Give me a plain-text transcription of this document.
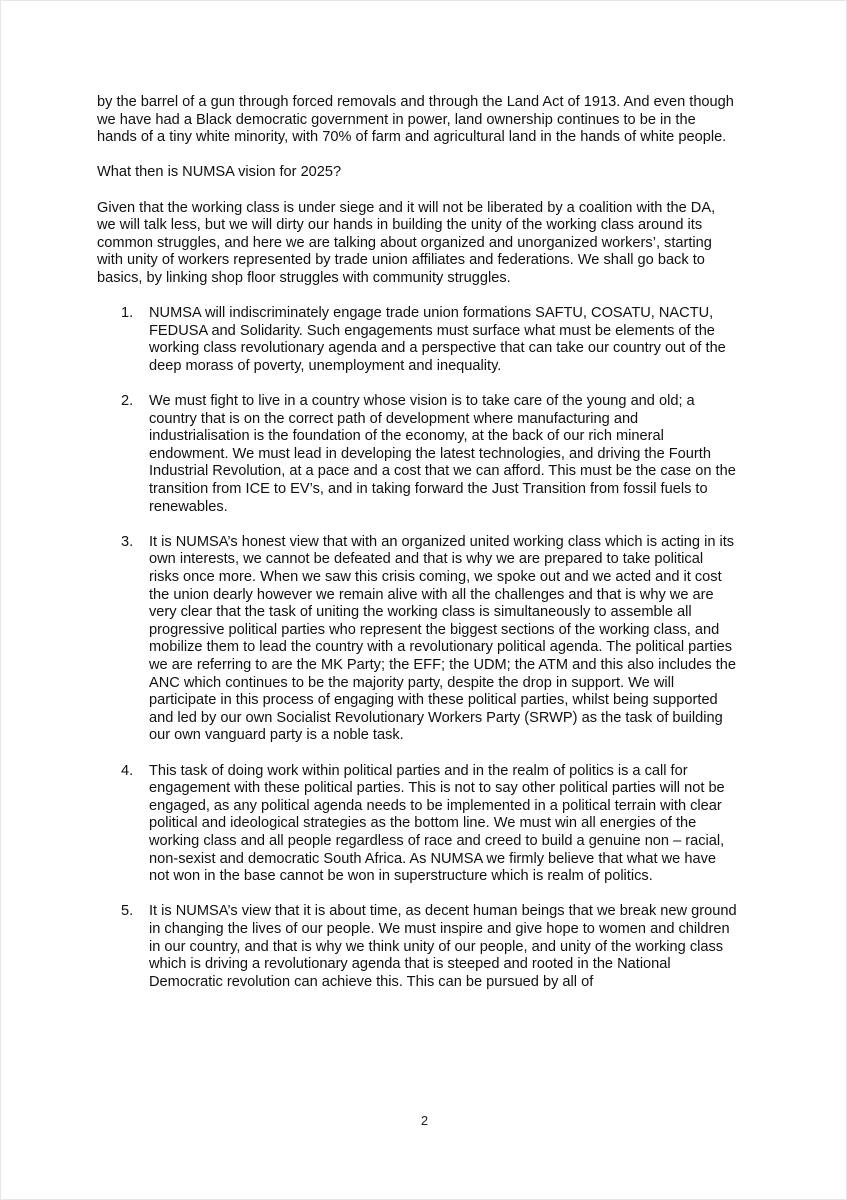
by the barrel of a gun through forced removals and through the Land Act of 1913. And even though we have had a Black democratic government in power, land ownership continues to be in the hands of a tiny white minority, with 70% of farm and agricultural land in the hands of white people.

What then is NUMSA vision for 2025?

Given that the working class is under siege and it will not be liberated by a coalition with the DA, we will talk less, but we will dirty our hands in building the unity of the working class around its common struggles, and here we are talking about organized and unorganized workers’, starting with unity of workers represented by trade union affiliates and federations. We shall go back to basics, by linking shop floor struggles with community struggles.

1. NUMSA will indiscriminately engage trade union formations SAFTU, COSATU, NACTU, FEDUSA and Solidarity. Such engagements must surface what must be elements of the working class revolutionary agenda and a perspective that can take our country out of the deep morass of poverty, unemployment and inequality.
2. We must fight to live in a country whose vision is to take care of the young and old; a country that is on the correct path of development where manufacturing and industrialisation is the foundation of the economy, at the back of our rich mineral endowment. We must lead in developing the latest technologies, and driving the Fourth Industrial Revolution, at a pace and a cost that we can afford. This must be the case on the transition from ICE to EV’s, and in taking forward the Just Transition from fossil fuels to renewables.
3. It is NUMSA’s honest view that with an organized united working class which is acting in its own interests, we cannot be defeated and that is why we are prepared to take political risks once more. When we saw this crisis coming, we spoke out and we acted and it cost the union dearly however we remain alive with all the challenges and that is why we are very clear that the task of uniting the working class is simultaneously to assemble all progressive political parties who represent the biggest sections of the working class, and mobilize them to lead the country with a revolutionary political agenda. The political parties we are referring to are the MK Party; the EFF; the UDM; the ATM and this also includes the ANC which continues to be the majority party, despite the drop in support. We will participate in this process of engaging with these political parties, whilst being supported and led by our own Socialist Revolutionary Workers Party (SRWP) as the task of building our own vanguard party is a noble task.
4. This task of doing work within political parties and in the realm of politics is a call for engagement with these political parties. This is not to say other political parties will not be engaged, as any political agenda needs to be implemented in a political terrain with clear political and ideological strategies as the bottom line. We must win all energies of the working class and all people regardless of race and creed to build a genuine non – racial, non-sexist and democratic South Africa. As NUMSA we firmly believe that what we have not won in the base cannot be won in superstructure which is realm of politics.
5. It is NUMSA’s view that it is about time, as decent human beings that we break new ground in changing the lives of our people. We must inspire and give hope to women and children in our country, and that is why we think unity of our people, and unity of the working class which is driving a revolutionary agenda that is steeped and rooted in the National Democratic revolution can achieve this. This can be pursued by all of
2
